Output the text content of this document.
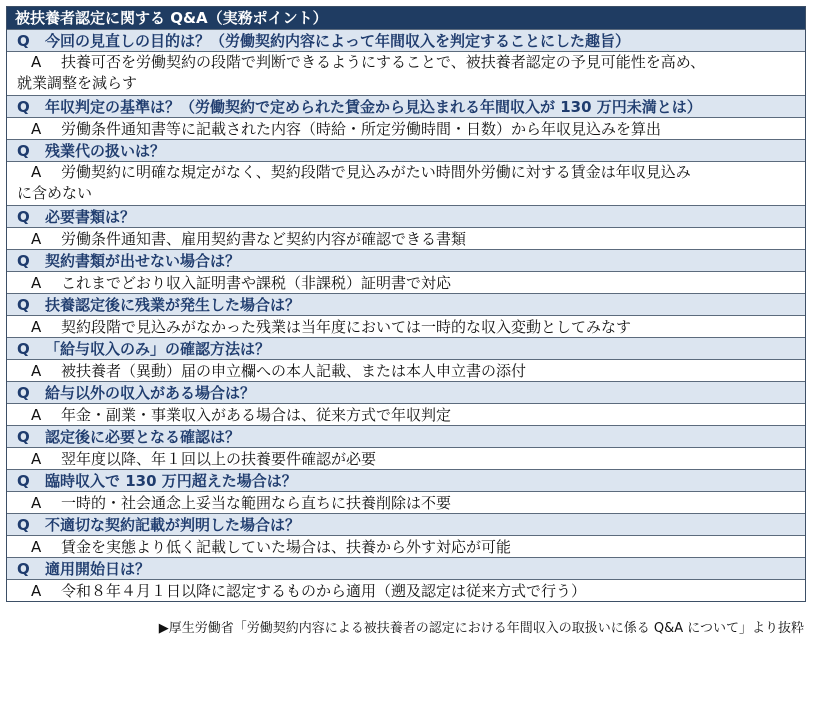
被扶養者認定に関する Q&A（実務ポイント）
Q 今回の見直しの目的は？（労働契約内容によって年間収入を判定することにした趣旨）
A 扶養可否を労働契約の段階で判断できるようにすることで、被扶養者認定の予見可能性を高め、
就業調整を減らす
Q 年収判定の基準は？（労働契約で定められた賃金から見込まれる年間収入が 130 万円未満とは）
A 労働条件通知書等に記載された内容（時給・所定労働時間・日数）から年収見込みを算出
Q 残業代の扱いは？
A 労働契約に明確な規定がなく、契約段階で見込みがたい時間外労働に対する賃金は年収見込み
に含めない
Q 必要書類は？
A 労働条件通知書、雇用契約書など契約内容が確認できる書類
Q 契約書類が出せない場合は？
A これまでどおり収入証明書や課税（非課税）証明書で対応
Q 扶養認定後に残業が発生した場合は？
A 契約段階で見込みがなかった残業は当年度においては一時的な収入変動としてみなす
Q 「給与収入のみ」の確認方法は？
A 被扶養者（異動）届の申立欄への本人記載、または本人申立書の添付
Q 給与以外の収入がある場合は？
A 年金・副業・事業収入がある場合は、従来方式で年収判定
Q 認定後に必要となる確認は？
A 翌年度以降、年１回以上の扶養要件確認が必要
Q 臨時収入で 130 万円超えた場合は？
A 一時的・社会通念上妥当な範囲なら直ちに扶養削除は不要
Q 不適切な契約記載が判明した場合は？
A 賃金を実態より低く記載していた場合は、扶養から外す対応が可能
Q 適用開始日は？
A 令和８年４月１日以降に認定するものから適用（遡及認定は従来方式で行う）
▶厚生労働省「労働契約内容による被扶養者の認定における年間収入の取扱いに係る Q&A について」より抜粋
